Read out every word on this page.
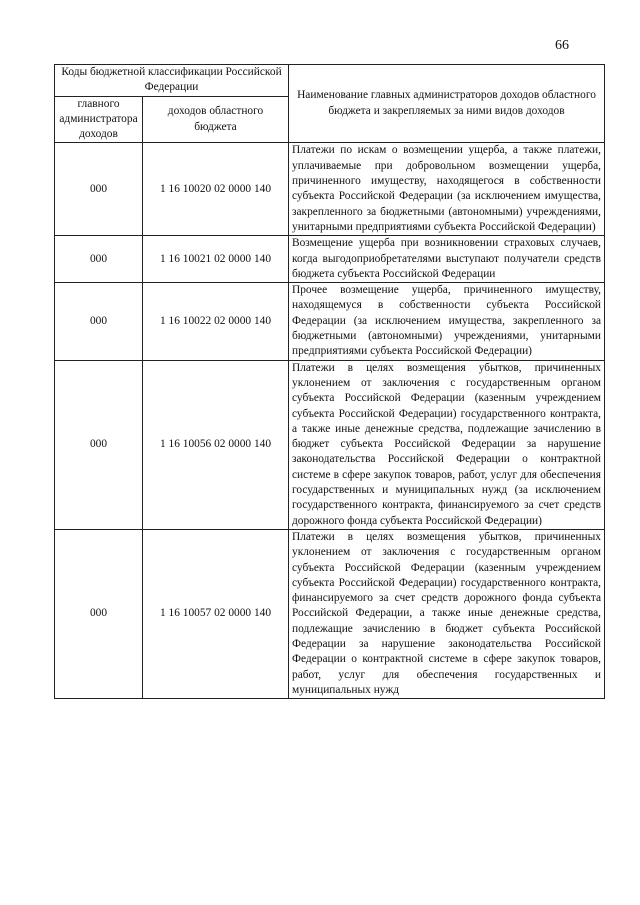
66
Коды бюджетной классификации Российской Федерации		Наименование главных администраторов доходов областного бюджета и закрепляемых за ними видов доходов
главного администратора доходов	доходов областного бюджета	
000	1 16 10020 02 0000 140	Платежи по искам о возмещении ущерба, а также платежи, уплачиваемые при добровольном возмещении ущерба, причиненного имуществу, находящегося в собственности субъекта Российской Федерации (за исключением имущества, закрепленного за бюджетными (автономными) учреждениями, унитарными предприятиями субъекта Российской Федерации)
000	1 16 10021 02 0000 140	Возмещение ущерба при возникновении страховых случаев, когда выгодоприобретателями выступают получатели средств бюджета субъекта Российской Федерации
000	1 16 10022 02 0000 140	Прочее возмещение ущерба, причиненного имуществу, находящемуся в собственности субъекта Российской Федерации (за исключением имущества, закрепленного за бюджетными (автономными) учреждениями, унитарными предприятиями субъекта Российской Федерации)
000	1 16 10056 02 0000 140	Платежи в целях возмещения убытков, причиненных уклонением от заключения с государственным органом субъекта Российской Федерации (казенным учреждением субъекта Российской Федерации) государственного контракта, а также иные денежные средства, подлежащие зачислению в бюджет субъекта Российской Федерации за нарушение законодательства Российской Федерации о контрактной системе в сфере закупок товаров, работ, услуг для обеспечения государственных и муниципальных нужд (за исключением государственного контракта, финансируемого за счет средств дорожного фонда субъекта Российской Федерации)
000	1 16 10057 02 0000 140	Платежи в целях возмещения убытков, причиненных уклонением от заключения с государственным органом субъекта Российской Федерации (казенным учреждением субъекта Российской Федерации) государственного контракта, финансируемого за счет средств дорожного фонда субъекта Российской Федерации, а также иные денежные средства, подлежащие зачислению в бюджет субъекта Российской Федерации за нарушение законодательства Российской Федерации о контрактной системе в сфере закупок товаров, работ, услуг для обеспечения государственных и муниципальных нужд
